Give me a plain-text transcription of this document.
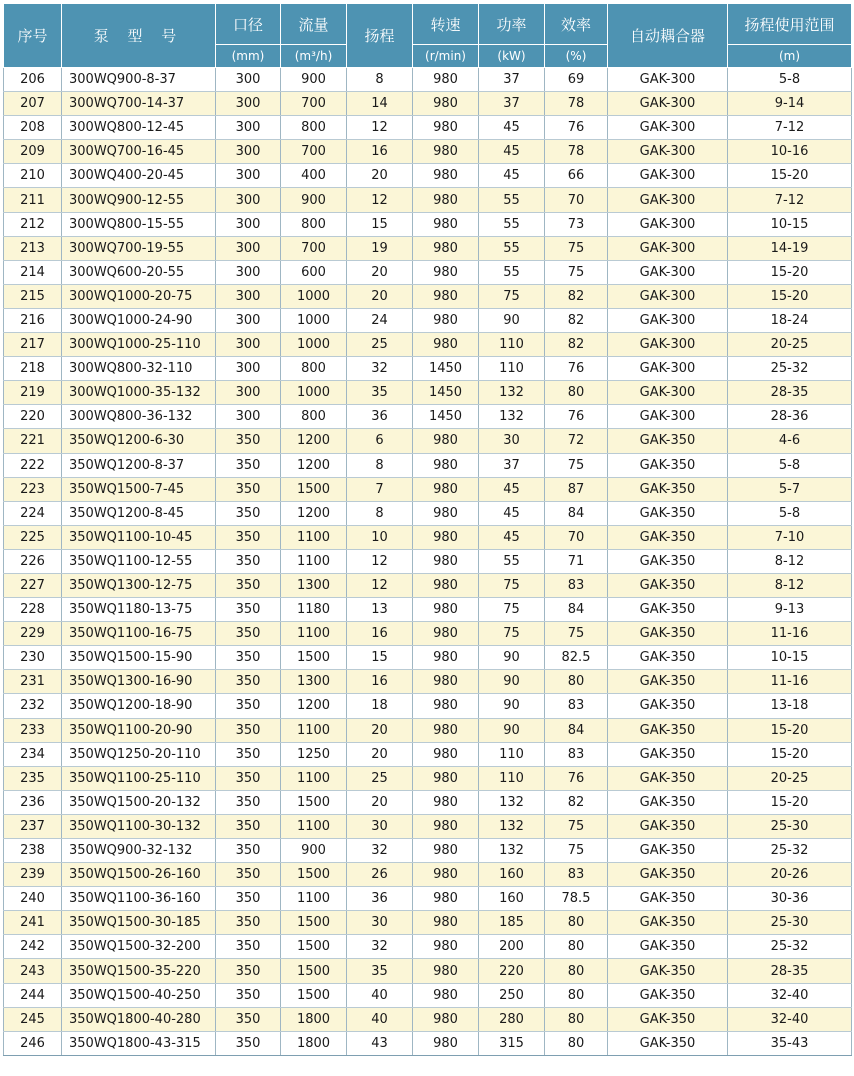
序号	泵 型 号	口径	流量	扬程	转速	功率	效率	自动耦合器	扬程使用范围
		(mm)	(m³/h)		(r/min)	(kW)	(%)		(m)
206	300WQ900-8-37	300	900	8	980	37	69	GAK-300	5-8
207	300WQ700-14-37	300	700	14	980	37	78	GAK-300	9-14
208	300WQ800-12-45	300	800	12	980	45	76	GAK-300	7-12
209	300WQ700-16-45	300	700	16	980	45	78	GAK-300	10-16
210	300WQ400-20-45	300	400	20	980	45	66	GAK-300	15-20
211	300WQ900-12-55	300	900	12	980	55	70	GAK-300	7-12
212	300WQ800-15-55	300	800	15	980	55	73	GAK-300	10-15
213	300WQ700-19-55	300	700	19	980	55	75	GAK-300	14-19
214	300WQ600-20-55	300	600	20	980	55	75	GAK-300	15-20
215	300WQ1000-20-75	300	1000	20	980	75	82	GAK-300	15-20
216	300WQ1000-24-90	300	1000	24	980	90	82	GAK-300	18-24
217	300WQ1000-25-110	300	1000	25	980	110	82	GAK-300	20-25
218	300WQ800-32-110	300	800	32	1450	110	76	GAK-300	25-32
219	300WQ1000-35-132	300	1000	35	1450	132	80	GAK-300	28-35
220	300WQ800-36-132	300	800	36	1450	132	76	GAK-300	28-36
221	350WQ1200-6-30	350	1200	6	980	30	72	GAK-350	4-6
222	350WQ1200-8-37	350	1200	8	980	37	75	GAK-350	5-8
223	350WQ1500-7-45	350	1500	7	980	45	87	GAK-350	5-7
224	350WQ1200-8-45	350	1200	8	980	45	84	GAK-350	5-8
225	350WQ1100-10-45	350	1100	10	980	45	70	GAK-350	7-10
226	350WQ1100-12-55	350	1100	12	980	55	71	GAK-350	8-12
227	350WQ1300-12-75	350	1300	12	980	75	83	GAK-350	8-12
228	350WQ1180-13-75	350	1180	13	980	75	84	GAK-350	9-13
229	350WQ1100-16-75	350	1100	16	980	75	75	GAK-350	11-16
230	350WQ1500-15-90	350	1500	15	980	90	82.5	GAK-350	10-15
231	350WQ1300-16-90	350	1300	16	980	90	80	GAK-350	11-16
232	350WQ1200-18-90	350	1200	18	980	90	83	GAK-350	13-18
233	350WQ1100-20-90	350	1100	20	980	90	84	GAK-350	15-20
234	350WQ1250-20-110	350	1250	20	980	110	83	GAK-350	15-20
235	350WQ1100-25-110	350	1100	25	980	110	76	GAK-350	20-25
236	350WQ1500-20-132	350	1500	20	980	132	82	GAK-350	15-20
237	350WQ1100-30-132	350	1100	30	980	132	75	GAK-350	25-30
238	350WQ900-32-132	350	900	32	980	132	75	GAK-350	25-32
239	350WQ1500-26-160	350	1500	26	980	160	83	GAK-350	20-26
240	350WQ1100-36-160	350	1100	36	980	160	78.5	GAK-350	30-36
241	350WQ1500-30-185	350	1500	30	980	185	80	GAK-350	25-30
242	350WQ1500-32-200	350	1500	32	980	200	80	GAK-350	25-32
243	350WQ1500-35-220	350	1500	35	980	220	80	GAK-350	28-35
244	350WQ1500-40-250	350	1500	40	980	250	80	GAK-350	32-40
245	350WQ1800-40-280	350	1800	40	980	280	80	GAK-350	32-40
246	350WQ1800-43-315	350	1800	43	980	315	80	GAK-350	35-43
